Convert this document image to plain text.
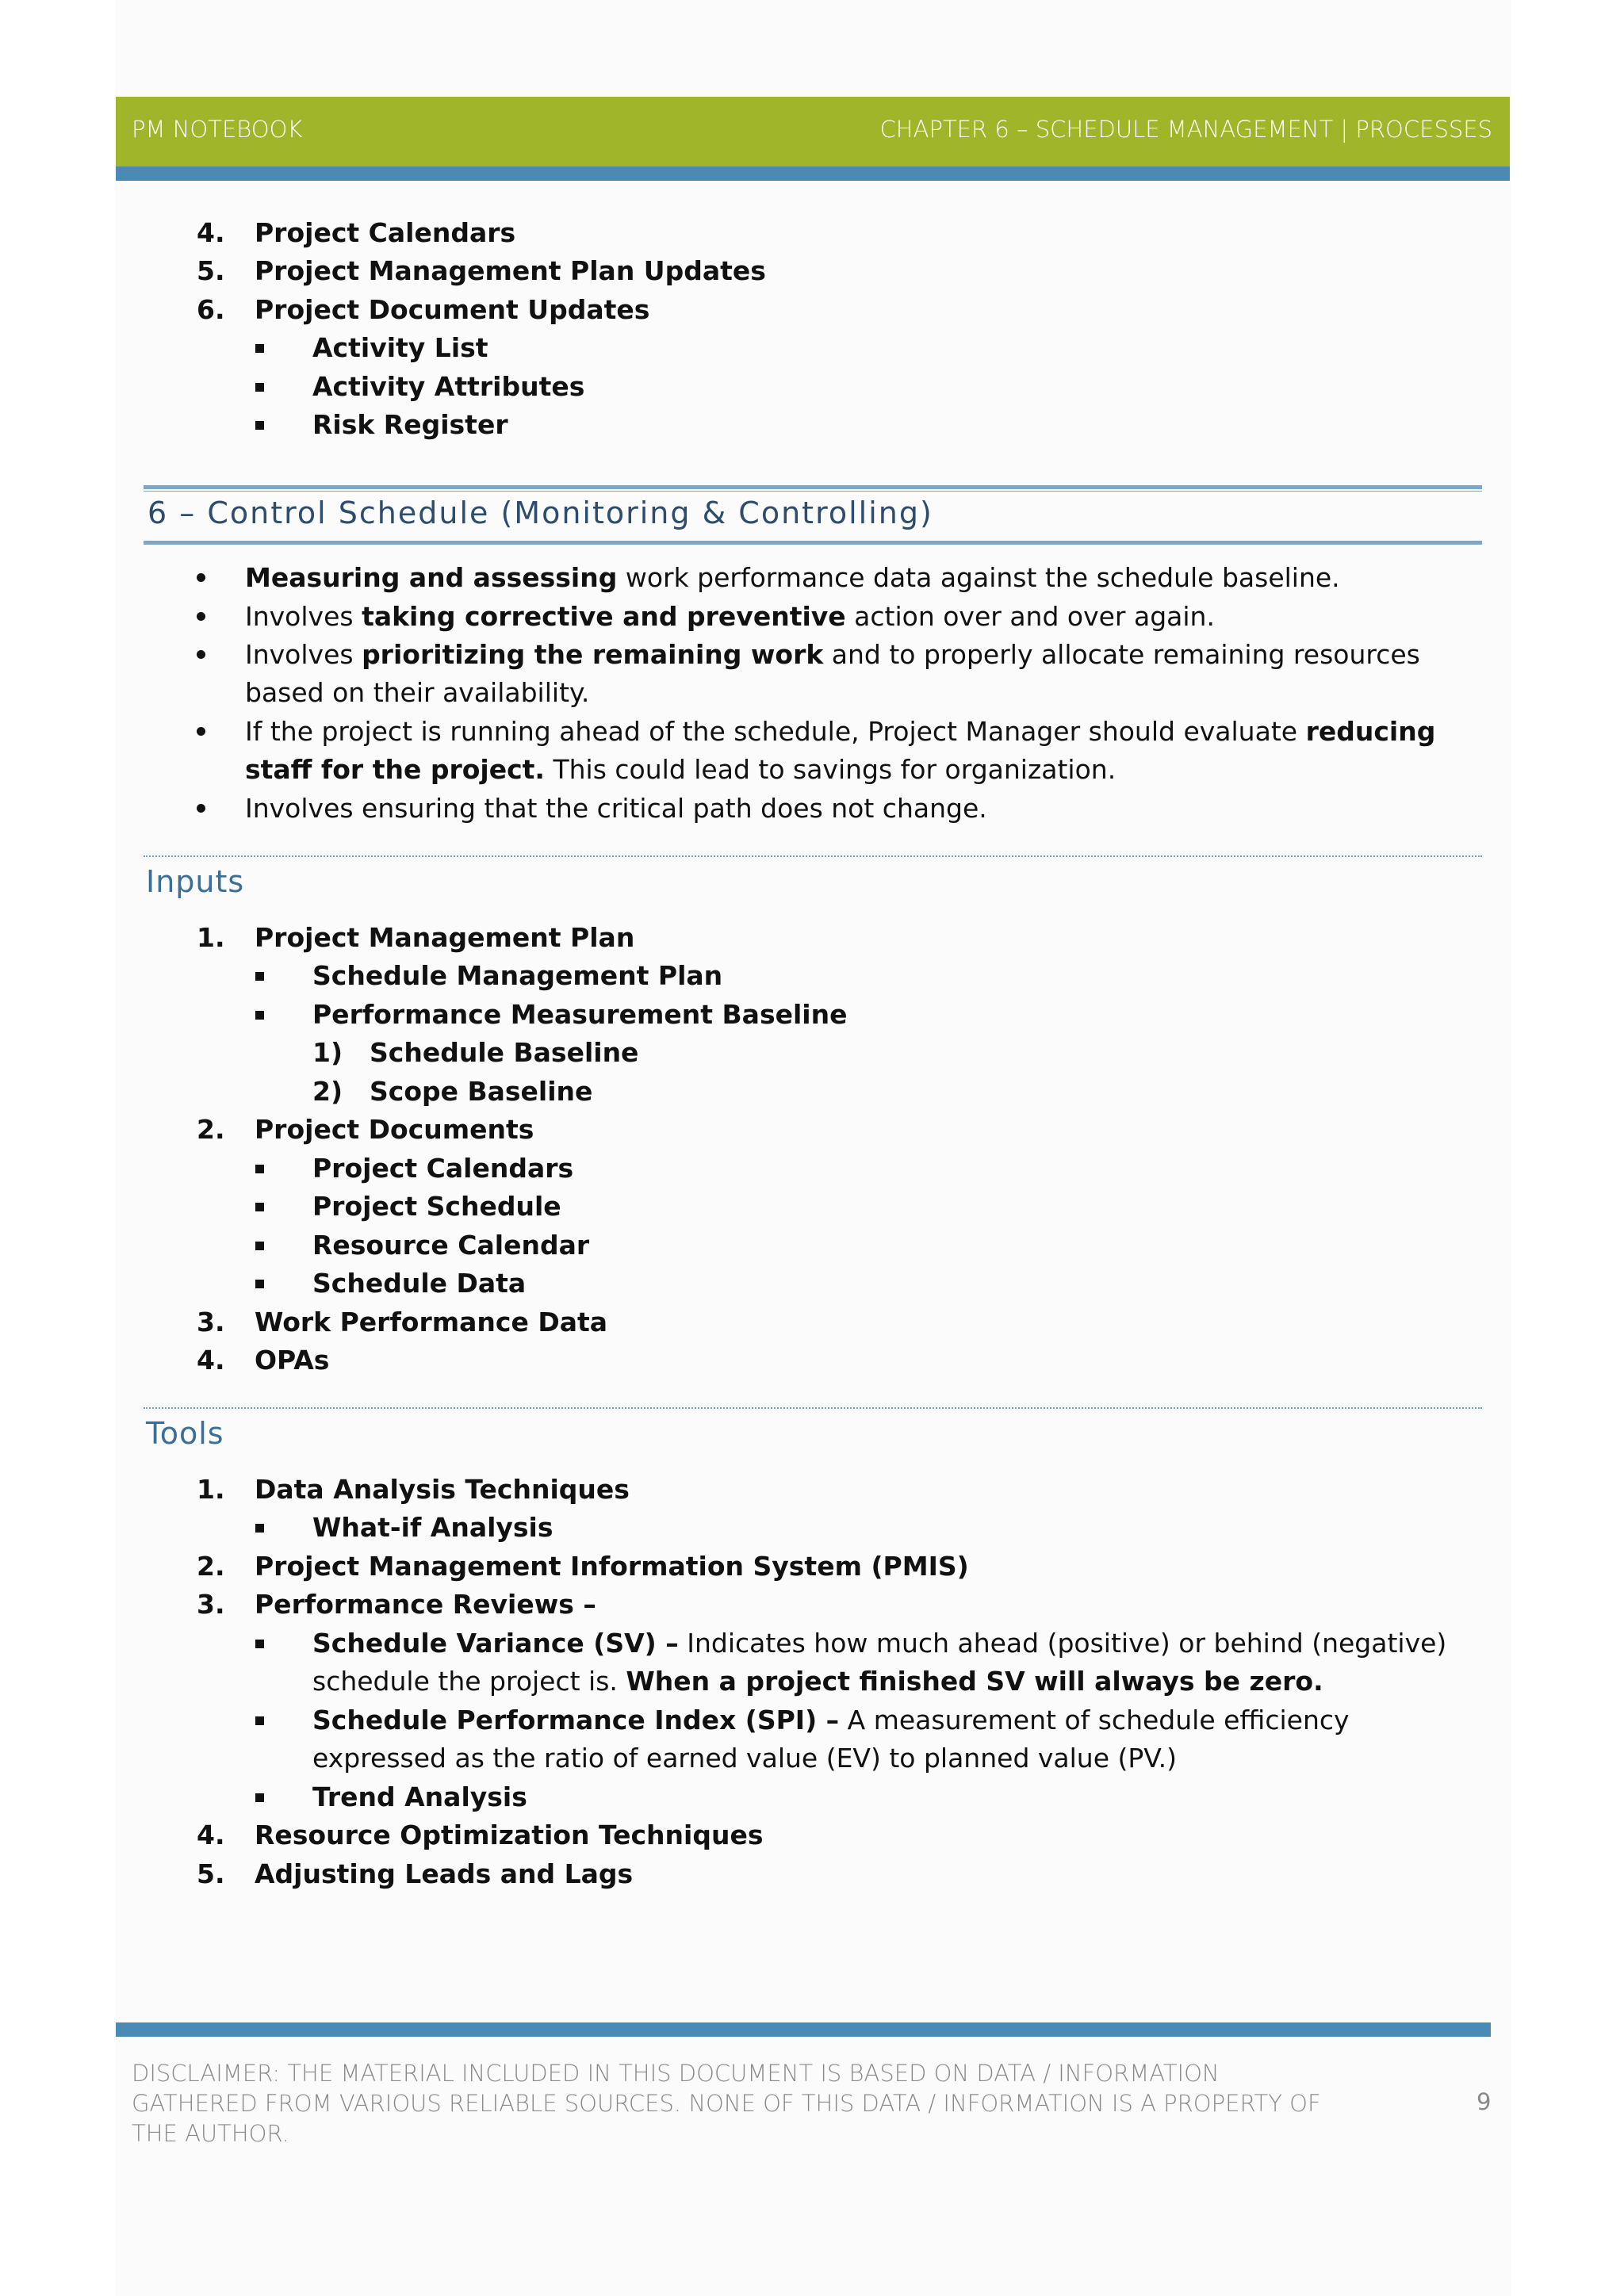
PM NOTEBOOK	CHAPTER 6 – SCHEDULE MANAGEMENT | PROCESSES
4.	Project Calendars
5.	Project Management Plan Updates
6.	Project Document Updates
Activity List
Activity Attributes
Risk Register
6 – Control Schedule (Monitoring & Controlling)
Measuring and assessing work performance data against the schedule baseline.
Involves taking corrective and preventive action over and over again.
Involves prioritizing the remaining work and to properly allocate remaining resources based on their availability.
If the project is running ahead of the schedule, Project Manager should evaluate reducing staff for the project. This could lead to savings for organization.
Involves ensuring that the critical path does not change.
Inputs
1.	Project Management Plan
Schedule Management Plan
Performance Measurement Baseline
1)	Schedule Baseline
2)	Scope Baseline
2.	Project Documents
Project Calendars
Project Schedule
Resource Calendar
Schedule Data
3.	Work Performance Data
4.	OPAs
Tools
1.	Data Analysis Techniques
What-if Analysis
2.	Project Management Information System (PMIS)
3.	Performance Reviews –
Schedule Variance (SV) – Indicates how much ahead (positive) or behind (negative) schedule the project is. When a project finished SV will always be zero.
Schedule Performance Index (SPI) – A measurement of schedule efficiency expressed as the ratio of earned value (EV) to planned value (PV.)
Trend Analysis
4.	Resource Optimization Techniques
5.	Adjusting Leads and Lags
DISCLAIMER: THE MATERIAL INCLUDED IN THIS DOCUMENT IS BASED ON DATA / INFORMATION GATHERED FROM VARIOUS RELIABLE SOURCES. NONE OF THIS DATA / INFORMATION IS A PROPERTY OF THE AUTHOR.
9
